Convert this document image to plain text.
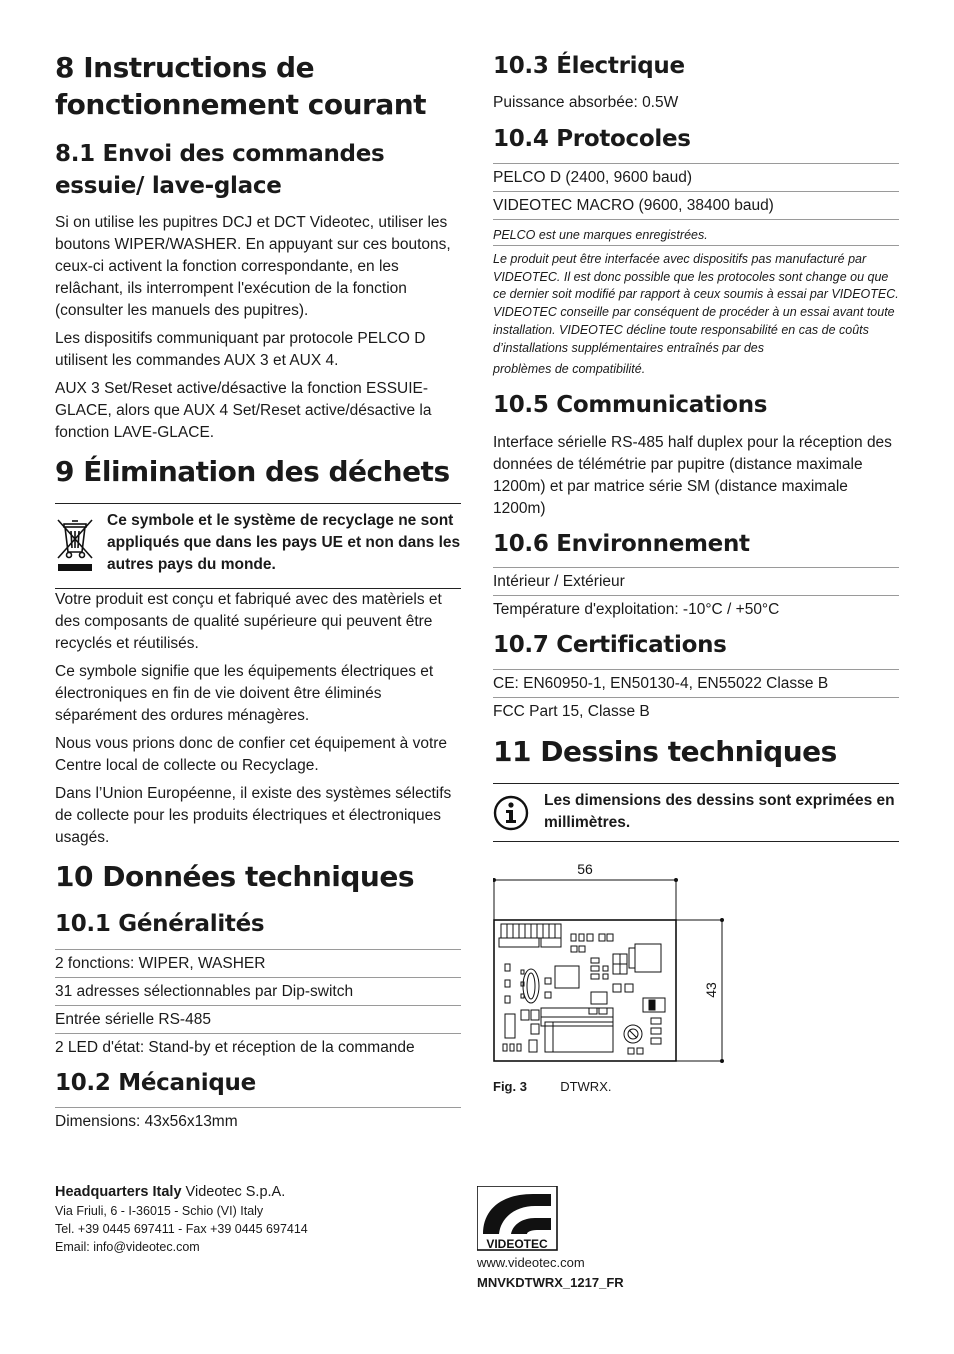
8 Instructions de fonctionnement courant
8.1 Envoi des commandes essuie/ lave-glace

Si on utilise les pupitres DCJ et DCT Videotec, utiliser les boutons WIPER/WASHER. En appuyant sur ces boutons, ceux-ci activent la fonction correspondante, en les relâchant, ils interrompent l'exécution de la fonction (consulter les manuels des pupitres).

Les dispositifs communiquant par protocole PELCO D utilisent les commandes AUX 3 et AUX 4.

AUX 3 Set/Reset active/désactive la fonction ESSUIE-GLACE, alors que AUX 4 Set/Reset active/désactive la fonction LAVE-GLACE.

9 Élimination des déchets

Ce symbole et le système de recyclage ne sont appliqués que dans les pays UE et non dans les autres pays du monde.

Votre produit est conçu et fabriqué avec des matèriels et des composants de qualité supérieure qui peuvent être recyclés et réutilisés.

Ce symbole signifie que les équipements électriques et électroniques en fin de vie doivent être éliminés séparément des ordures ménagères.

Nous vous prions donc de confier cet équipement à votre Centre local de collecte ou Recyclage.

Dans l’Union Européenne, il existe des systèmes sélectifs de collecte pour les produits électriques et électroniques usagés.

10 Données techniques
10.1 Généralités
2 fonctions: WIPER, WASHER
31 adresses sélectionnables par Dip-switch
Entrée sérielle RS-485
2 LED d'état: Stand-by et réception de la commande
10.2 Mécanique
Dimensions: 43x56x13mm
10.3 Électrique

Puissance absorbée: 0.5W

10.4 Protocoles
PELCO D (2400, 9600 baud)
VIDEOTEC MACRO (9600, 38400 baud)
PELCO est une marques enregistrées.
Le produit peut être interfacée avec dispositifs pas manufacturé par VIDEOTEC. Il est donc possible que les protocoles sont change ou que ce dernier soit modifié par rapport à ceux soumis à essai par VIDEOTEC. VIDEOTEC conseille par conséquent de procéder à un essai avant toute installation. VIDEOTEC décline toute responsabilité en cas de coûts d’installations supplémentaires entraînés par des
problèmes de compatibilité.
10.5 Communications

Interface sérielle RS-485 half duplex pour la réception des données de télémétrie par pupitre (distance maximale 1200m) et par matrice série SM (distance maximale 1200m)

10.6 Environnement
Intérieur / Extérieur
Température d'exploitation: -10°C / +50°C
10.7 Certifications
CE: EN60950-1, EN50130-4, EN55022 Classe B
FCC Part 15, Classe B
11 Dessins techniques

Les dimensions des dessins sont exprimées en millimètres.

56
43
Fig. 3	DTWRX.
Headquarters Italy Videotec S.p.A.
Via Friuli, 6 - I-36015 - Schio (VI) Italy
Tel. +39 0445 697411 - Fax +39 0445 697414
Email: info@videotec.com	VIDEOTEC
www.videotec.com
MNVKDTWRX_1217_FR
